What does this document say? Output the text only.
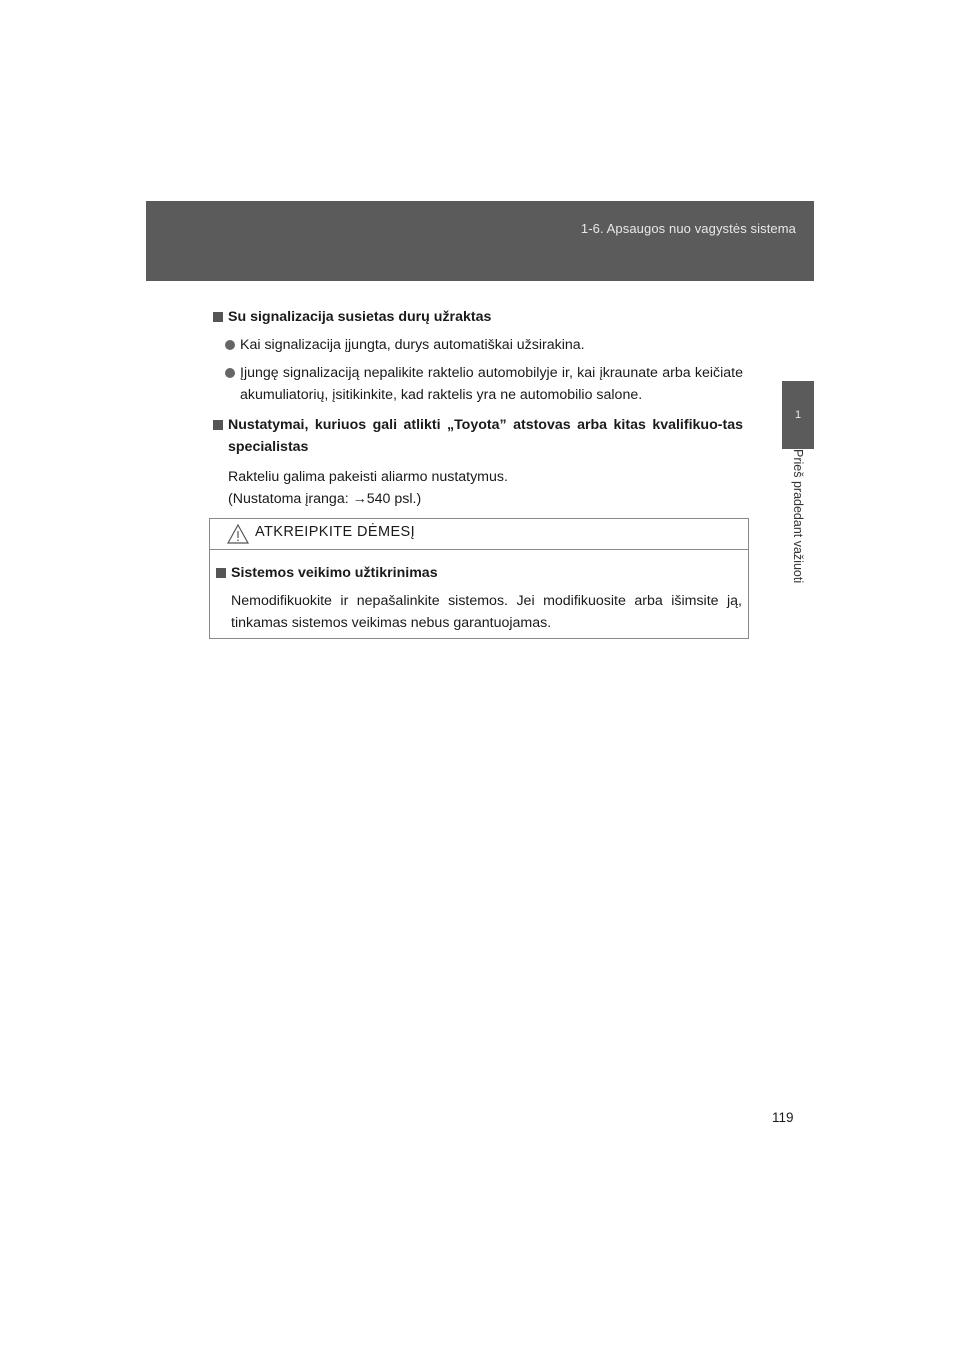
1-6. Apsaugos nuo vagystės sistema
1
Prieš pradedant važiuoti
Su signalizacija susietas durų užraktas
Kai signalizacija įjungta, durys automatiškai užsirakina.
Įjungę signalizaciją nepalikite raktelio automobilyje ir, kai įkraunate arba keičiate akumuliatorių, įsitikinkite, kad raktelis yra ne automobilio salone.
Nustatymai, kuriuos gali atlikti „Toyota” atstovas arba kitas kvalifikuo-tas specialistas
Rakteliu galima pakeisti aliarmo nustatymus.
(Nustatoma įranga: →540 psl.)
ATKREIPKITE DĖMESĮ
Sistemos veikimo užtikrinimas
Nemodifikuokite ir nepašalinkite sistemos. Jei modifikuosite arba išimsite ją, tinkamas sistemos veikimas nebus garantuojamas.
119
